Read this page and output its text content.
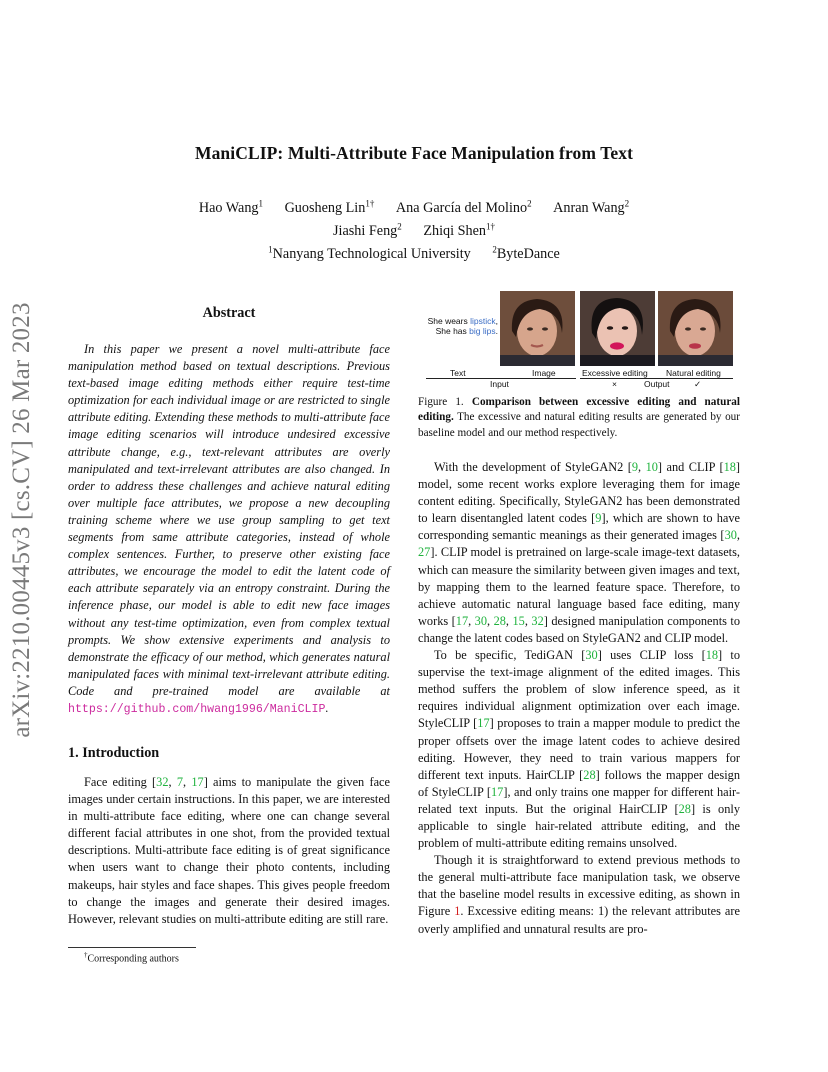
ManiCLIP: Multi-Attribute Face Manipulation from Text
Hao Wang$^1$ Guosheng Lin$^{1\dagger}$ Ana García del Molino$^2$ Anran Wang$^2$
Jiashi Feng$^2$ Zhiqi Shen$^{1\dagger}$
$^1$Nanyang Technological University $^2$ByteDance
arXiv:2210.00445v3 [cs.CV] 26 Mar 2023	Abstract

In this paper we present a novel multi-attribute face manipulation method based on textual descriptions. Previous text-based image editing methods either require test-time optimization for each individual image or are restricted to single attribute editing. Extending these methods to multi-attribute face image editing scenarios will introduce undesired excessive attribute change, e.g., text-relevant attributes are overly manipulated and text-irrelevant attributes are also changed. In order to address these challenges and achieve natural editing over multiple face attributes, we propose a new decoupling training scheme where we use group sampling to get text segments from same attribute categories, instead of whole complex sentences. Further, to preserve other existing face attributes, we encourage the model to edit the latent code of each attribute separately via an entropy constraint. During the inference phase, our model is able to edit new face images without any test-time optimization, even from complex textual prompts. We show extensive experiments and analysis to demonstrate the efficacy of our method, which generates natural manipulated faces with minimal text-irrelevant attribute editing. Code and pre-trained model are available at https://github.com/hwang1996/ManiCLIP.

1. Introduction

Face editing [32, 7, 17] aims to manipulate the given face images under certain instructions. In this paper, we are interested in multi-attribute face editing, where one can change several different facial attributes in one shot, from the provided textual descriptions. Multi-attribute face editing is of great significance when users want to change their photo contents, including makeups, hair styles and face shapes. This gives people freedom to change the images and generate their desired images. However, relevant studies on multi-attribute editing are still rare.

†Corresponding authors
She wears lipstick,
She has big lips.
Text	Image	Excessive editing Natural editing
Input	×	Output	✓
Figure 1. Comparison between excessive editing and natural editing. The excessive and natural editing results are generated by our baseline model and our method respectively.

With the development of StyleGAN2 [9, 10] and CLIP [18] model, some recent works explore leveraging them for image content editing. Specifically, StyleGAN2 has been demonstrated to learn disentangled latent codes [9], which are shown to have corresponding semantic meanings as their generated images [30, 27]. CLIP model is pretrained on large-scale image-text datasets, which can measure the similarity between given images and text, by mapping them to the learned feature space. Therefore, to achieve automatic natural language based face editing, many works [17, 30, 28, 15, 32] designed manipulation components to change the latent codes based on StyleGAN2 and CLIP model.

To be specific, TediGAN [30] uses CLIP loss [18] to supervise the text-image alignment of the edited images. This method suffers the problem of slow inference speed, as it requires individual alignment optimization over each image. StyleCLIP [17] proposes to train a mapper module to predict the proper offsets over the image latent codes to achieve desired editing. However, they need to train various mappers for different text inputs. HairCLIP [28] follows the mapper design of StyleCLIP [17], and only trains one mapper for different hair-related text inputs. But the original HairCLIP [28] is only applicable to single hair-related attribute editing, and the problem of multi-attribute editing remains unsolved.

Though it is straightforward to extend previous methods to the general multi-attribute face manipulation task, we observe that the baseline model results in excessive editing, as shown in Figure 1. Excessive editing means: 1) the relevant attributes are overly amplified and unnatural results are pro-
